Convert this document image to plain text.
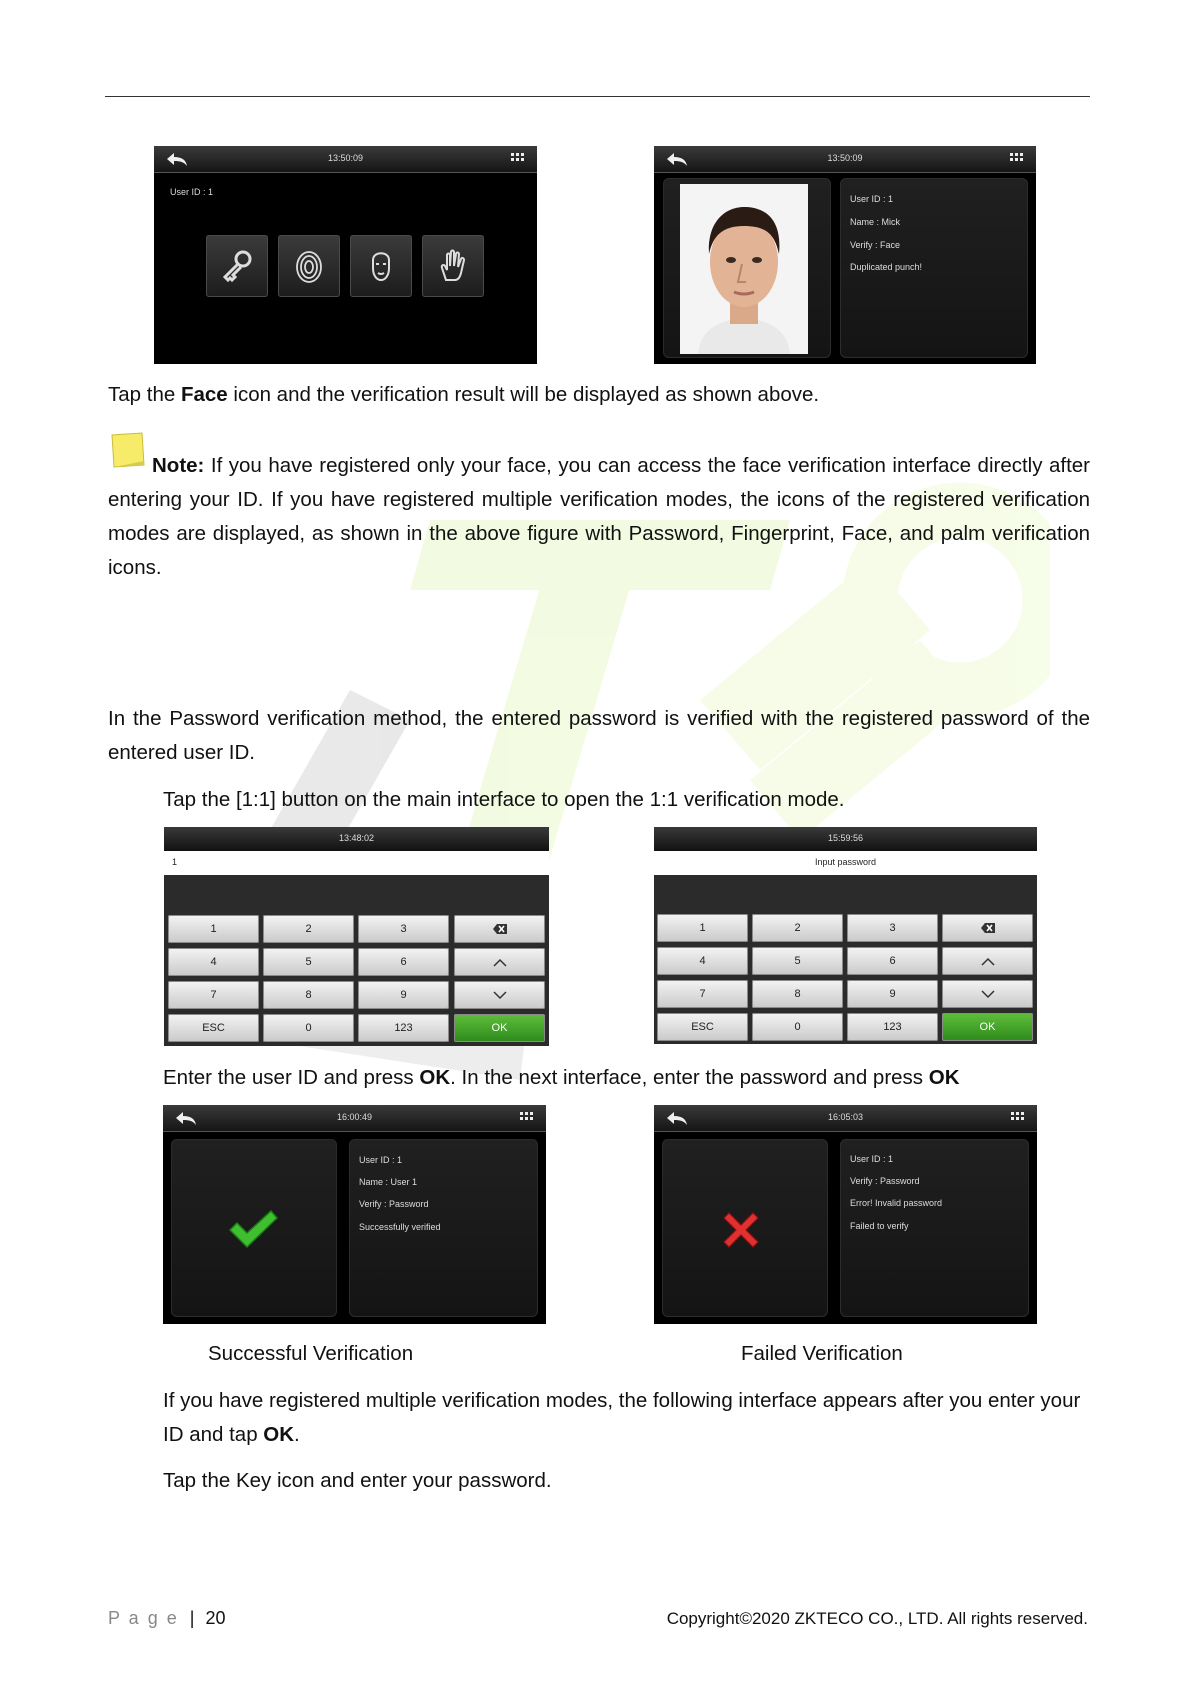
13:50:09
User ID : 1
13:50:09
User ID : 1
Name : Mick
Verify : Face
Duplicated punch!
Tap the Face icon and the verification result will be displayed as shown above.
Note: If you have registered only your face, you can access the face verification interface directly after entering your ID. If you have registered multiple verification modes, the icons of the registered verification modes are displayed, as shown in the above figure with Password, Fingerprint, Face, and palm verification icons.
In the Password verification method, the entered password is verified with the registered password of the entered user ID.
Tap the [1:1] button on the main interface to open the 1:1 verification mode.
13:48:02
1
1	2	3
4	5	6
7	8	9
ESC	0	123	OK
15:59:56
Input password
1	2	3
4	5	6
7	8	9
ESC	0	123	OK
Enter the user ID and press OK. In the next interface, enter the password and press OK
16:00:49
User ID : 1
Name : User 1
Verify : Password
Successfully verified
16:05:03
User ID : 1
Verify : Password
Error! Invalid password
Failed to verify
Successful Verification	Failed Verification
If you have registered multiple verification modes, the following interface appears after you enter your ID and tap OK.
Tap the Key icon and enter your password.
P a g e | 20	Copyright©2020 ZKTECO CO., LTD. All rights reserved.
